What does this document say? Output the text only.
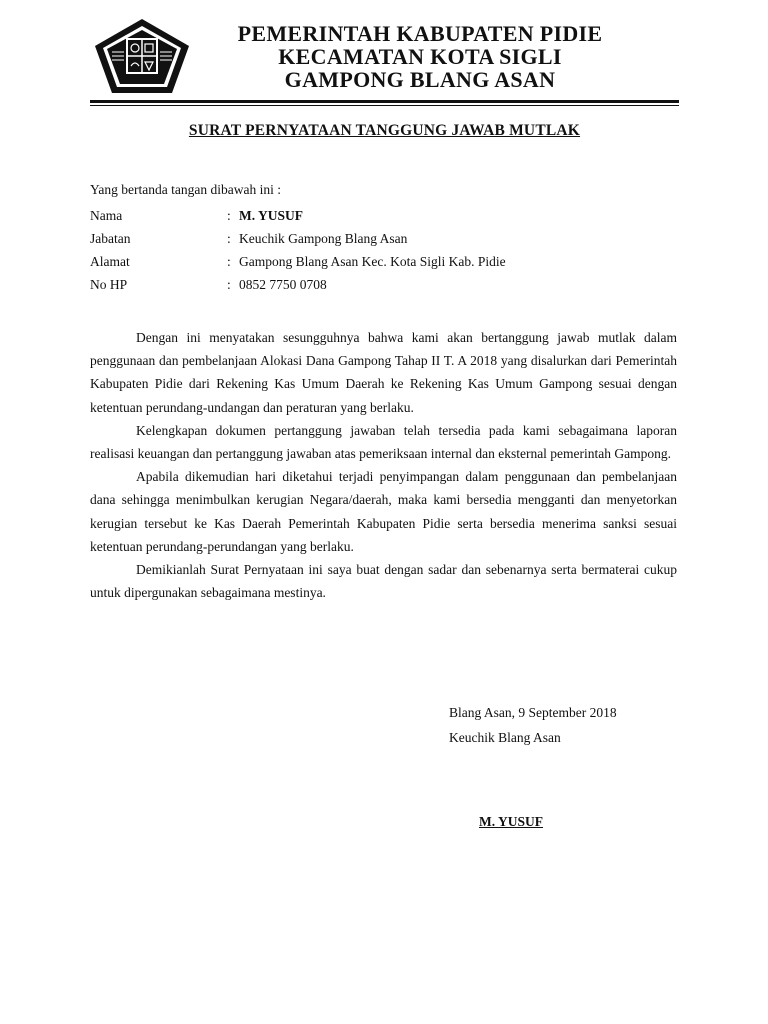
PEMERINTAH KABUPATEN PIDIE
KECAMATAN KOTA SIGLI
GAMPONG BLANG ASAN
SURAT PERNYATAAN TANGGUNG JAWAB MUTLAK
Yang bertanda tangan dibawah ini :
Nama	: M. YUSUF
Jabatan	: Keuchik Gampong Blang Asan
Alamat	: Gampong Blang Asan Kec. Kota Sigli Kab. Pidie
No HP	: 0852 7750 0708

Dengan ini menyatakan sesungguhnya bahwa kami akan bertanggung jawab mutlak dalam penggunaan dan pembelanjaan Alokasi Dana Gampong Tahap II T. A 2018 yang disalurkan dari Pemerintah Kabupaten Pidie dari Rekening Kas Umum Daerah ke Rekening Kas Umum Gampong sesuai dengan ketentuan perundang-undangan dan peraturan yang berlaku.

Kelengkapan dokumen pertanggung jawaban telah tersedia pada kami sebagaimana laporan realisasi keuangan dan pertanggung jawaban atas pemeriksaan internal dan eksternal pemerintah Gampong.

Apabila dikemudian hari diketahui terjadi penyimpangan dalam penggunaan dan pembelanjaan dana sehingga menimbulkan kerugian Negara/daerah, maka kami bersedia mengganti dan menyetorkan kerugian tersebut ke Kas Daerah Pemerintah Kabupaten Pidie serta bersedia menerima sanksi sesuai ketentuan perundang-perundangan yang berlaku.

Demikianlah Surat Pernyataan ini saya buat dengan sadar dan sebenarnya serta bermaterai cukup untuk dipergunakan sebagaimana mestinya.

Blang Asan, 9 September 2018
Keuchik Blang Asan
M. YUSUF
